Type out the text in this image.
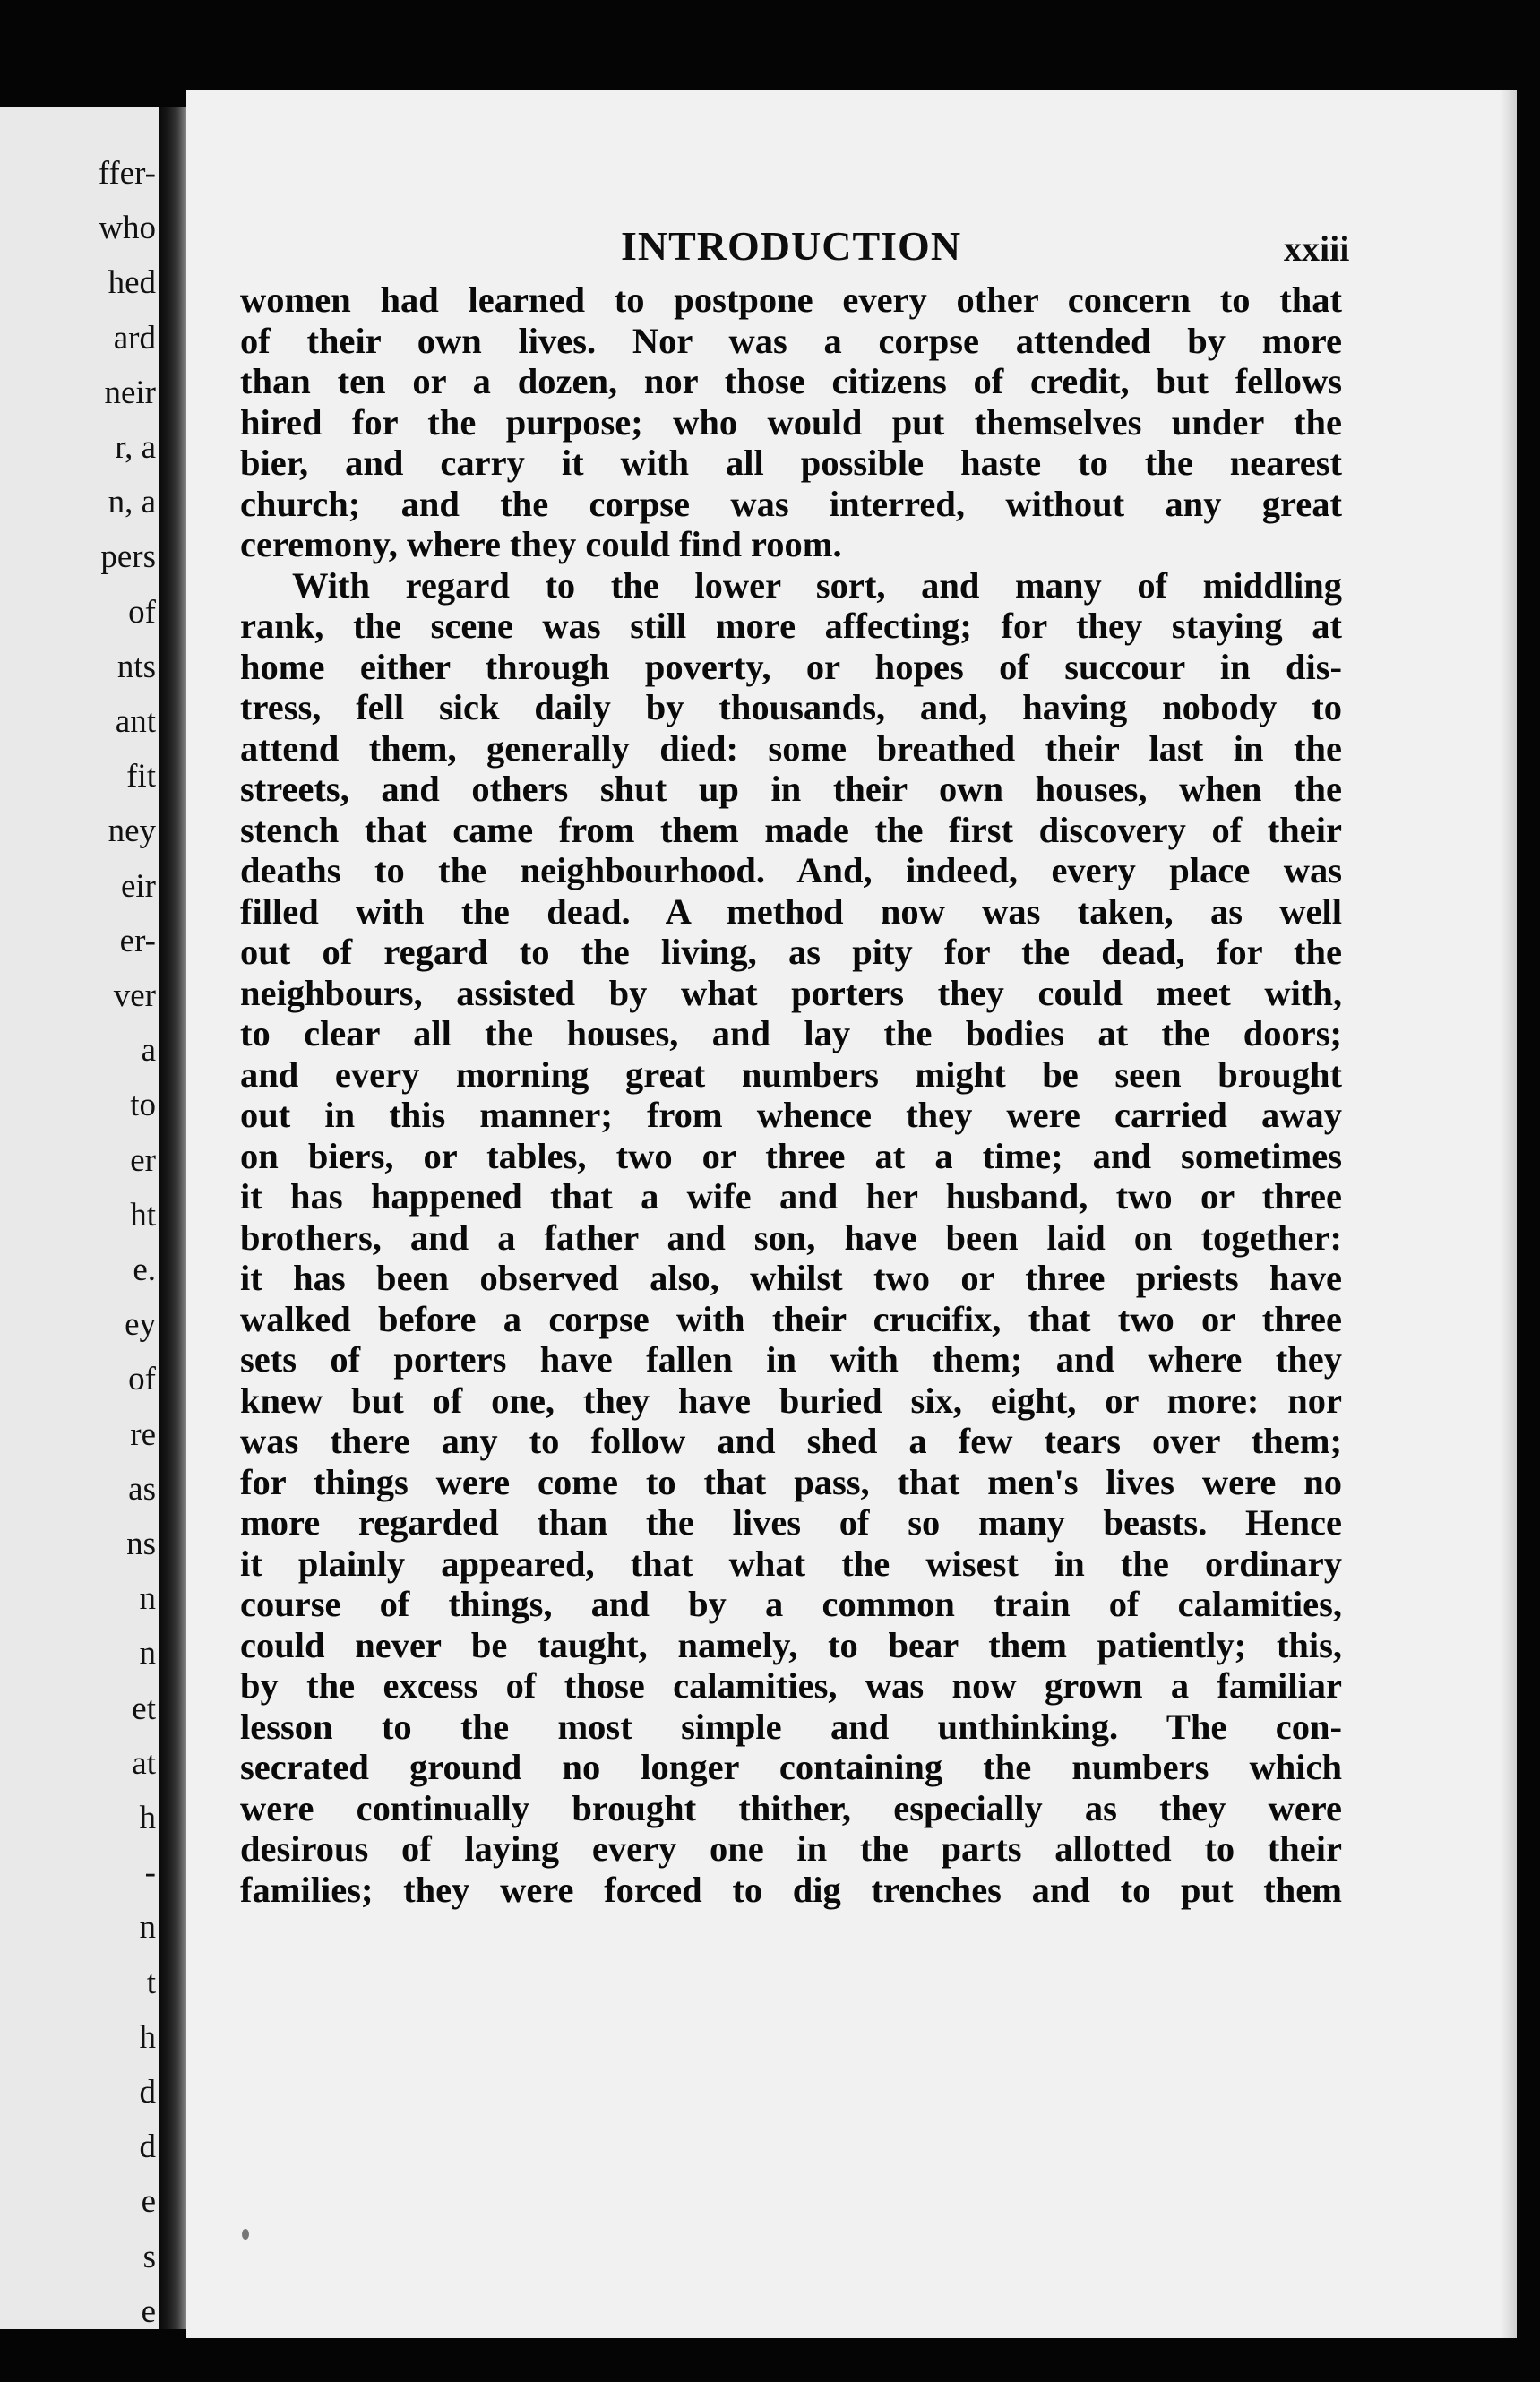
ffer-
who
hed
ard
neir
r, a
n, a
pers
of
nts
ant
fit
ney
eir
er-
ver
a
to
er
ht
e.
ey
of
re
as
ns
n
n
et
at
h
-
n
t
h
d
d
e
s
e
INTRODUCTION	xxiii
women had learned to postpone every other concern to that
of their own lives. Nor was a corpse attended by more
than ten or a dozen, nor those citizens of credit, but fellows
hired for the purpose; who would put themselves under the
bier, and carry it with all possible haste to the nearest
church; and the corpse was interred, without any great
ceremony, where they could find room.
With regard to the lower sort, and many of middling
rank, the scene was still more affecting; for they staying at
home either through poverty, or hopes of succour in dis-
tress, fell sick daily by thousands, and, having nobody to
attend them, generally died: some breathed their last in the
streets, and others shut up in their own houses, when the
stench that came from them made the first discovery of their
deaths to the neighbourhood. And, indeed, every place was
filled with the dead. A method now was taken, as well
out of regard to the living, as pity for the dead, for the
neighbours, assisted by what porters they could meet with,
to clear all the houses, and lay the bodies at the doors;
and every morning great numbers might be seen brought
out in this manner; from whence they were carried away
on biers, or tables, two or three at a time; and sometimes
it has happened that a wife and her husband, two or three
brothers, and a father and son, have been laid on together:
it has been observed also, whilst two or three priests have
walked before a corpse with their crucifix, that two or three
sets of porters have fallen in with them; and where they
knew but of one, they have buried six, eight, or more: nor
was there any to follow and shed a few tears over them;
for things were come to that pass, that men's lives were no
more regarded than the lives of so many beasts. Hence
it plainly appeared, that what the wisest in the ordinary
course of things, and by a common train of calamities,
could never be taught, namely, to bear them patiently; this,
by the excess of those calamities, was now grown a familiar
lesson to the most simple and unthinking. The con-
secrated ground no longer containing the numbers which
were continually brought thither, especially as they were
desirous of laying every one in the parts allotted to their
families; they were forced to dig trenches and to put them
